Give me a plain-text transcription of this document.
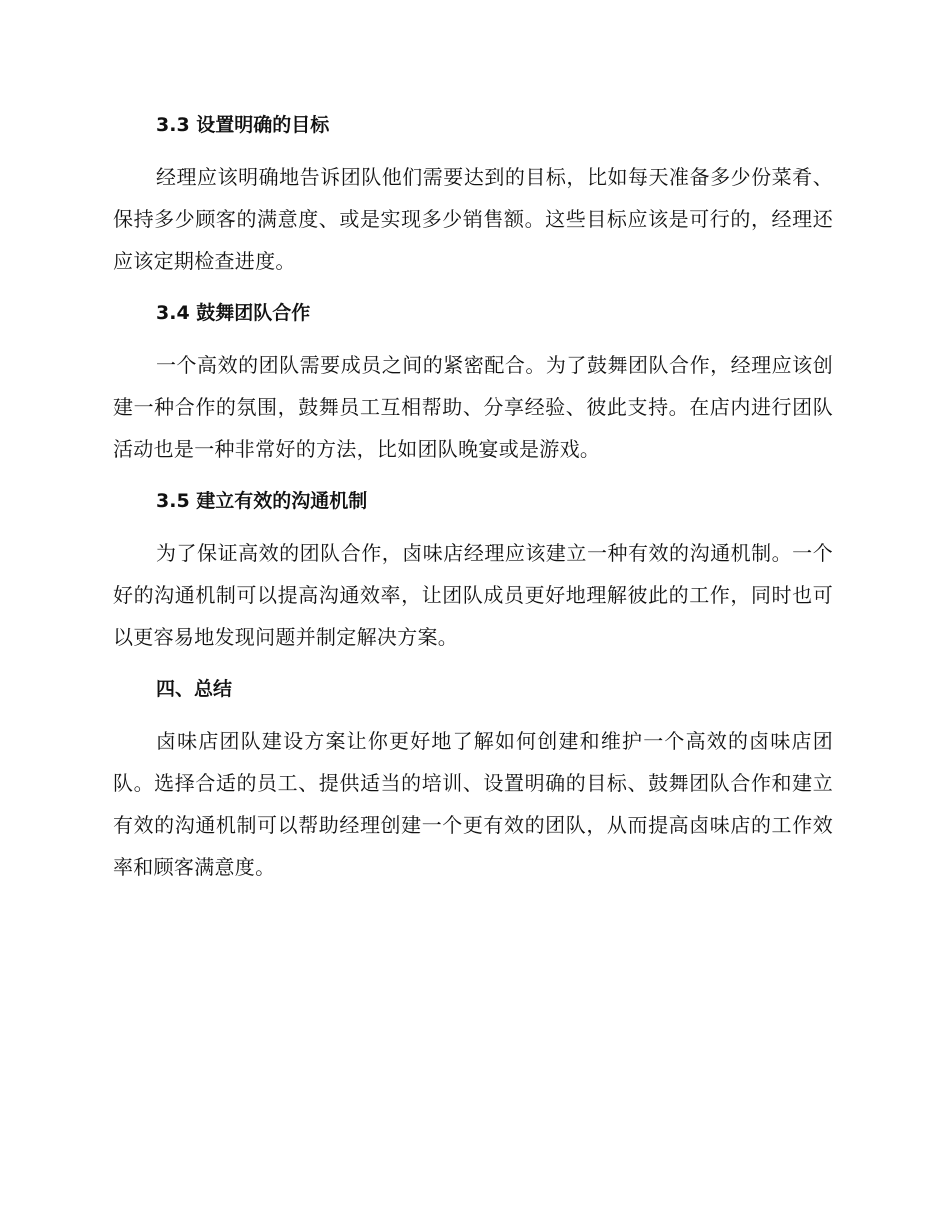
3.3 设置明确的目标

经理应该明确地告诉团队他们需要达到的目标，比如每天准备多少份菜肴、保持多少顾客的满意度、或是实现多少销售额。这些目标应该是可行的，经理还应该定期检查进度。

3.4 鼓舞团队合作

一个高效的团队需要成员之间的紧密配合。为了鼓舞团队合作，经理应该创建一种合作的氛围，鼓舞员工互相帮助、分享经验、彼此支持。在店内进行团队活动也是一种非常好的方法，比如团队晚宴或是游戏。

3.5 建立有效的沟通机制

为了保证高效的团队合作，卤味店经理应该建立一种有效的沟通机制。一个好的沟通机制可以提高沟通效率，让团队成员更好地理解彼此的工作，同时也可以更容易地发现问题并制定解决方案。

四、总结

卤味店团队建设方案让你更好地了解如何创建和维护一个高效的卤味店团队。选择合适的员工、提供适当的培训、设置明确的目标、鼓舞团队合作和建立有效的沟通机制可以帮助经理创建一个更有效的团队，从而提高卤味店的工作效率和顾客满意度。
